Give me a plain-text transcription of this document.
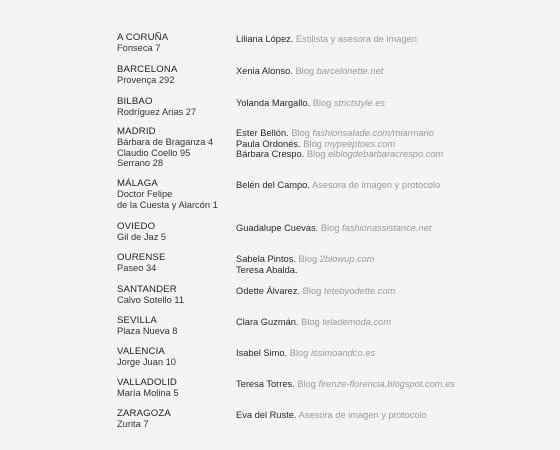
A CORUÑA
Fonseca 7
Liliana López. Estilista y asesora de imagen
BARCELONA
Provença 292
Xenia Alonso. Blog barcelonette.net
BILBAO
Rodríguez Arias 27
Yolanda Margallo. Blog strictstyle.es
MADRID
Bárbara de Braganza 4
Claudio Coello 95
Serrano 28
Ester Bellón. Blog fashionsalade.com/miarmario
Paula Ordonés. Blog mypeeptoes.com
Bárbara Crespo. Blog elblogdebarbaracrespo.com
MÁLAGA
Doctor Felipe
de la Cuesta y Alarcón 1
Belén del Campo. Asesora de imagen y protocolo
OVIEDO
Gil de Jaz 5
Guadalupe Cuevas. Blog fashionassistance.net
OURENSE
Paseo 34
Sabela Pintos. Blog 2blowup.com
Teresa Abalda.
SANTANDER
Calvo Sotello 11
Odette Álvarez. Blog tetebyodette.com
SEVILLA
Plaza Nueva 8
Clara Guzmán. Blog telademoda.com
VALENCIA
Jorge Juan 10
Isabel Simo. Blog issimoandco.es
VALLADOLID
María Molina 5
Teresa Torres. Blog firenze-florencia.blogspot.com.es
ZARAGOZA
Zurita 7
Eva del Ruste. Asesora de imagen y protocolo
